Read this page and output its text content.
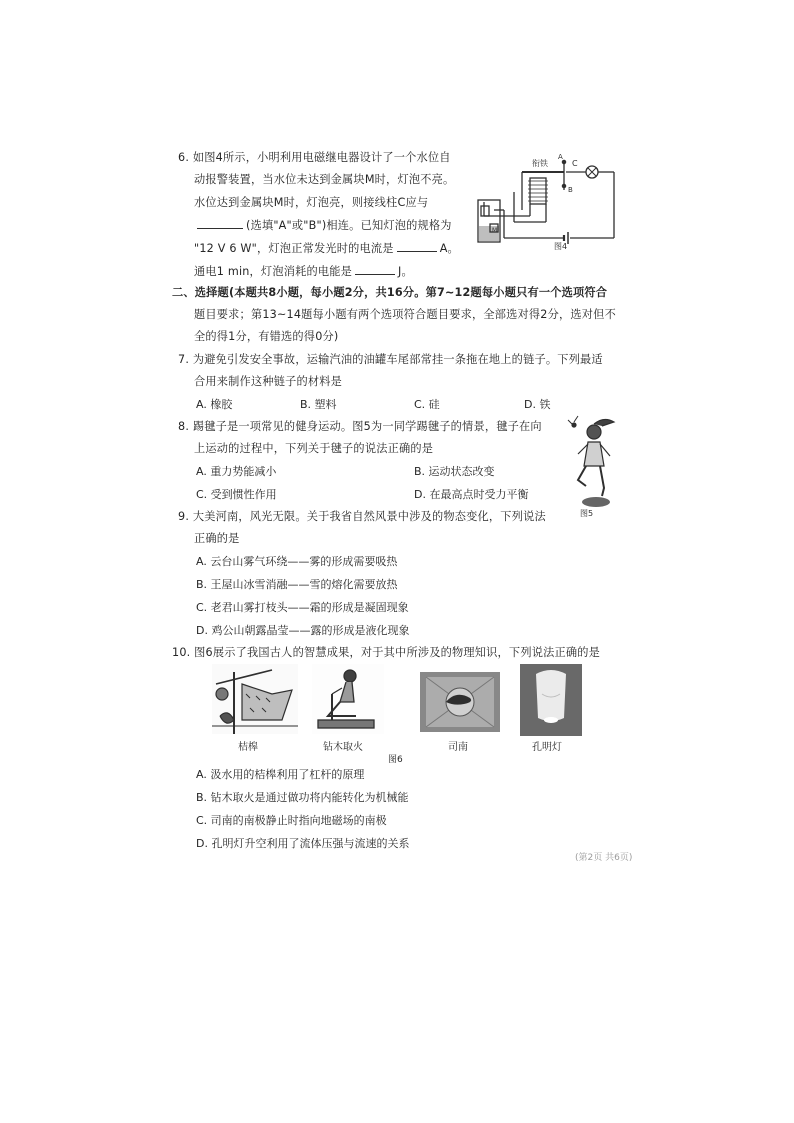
6. 如图4所示，小明利用电磁继电器设计了一个水位自
动报警装置，当水位未达到金属块M时，灯泡不亮。
水位达到金属块M时，灯泡亮，则接线柱C应与
(选填"A"或"B")相连。已知灯泡的规格为
"12 V 6 W"，灯泡正常发光时的电流是	A。
通电1 min，灯泡消耗的电能是	J。
衔铁
A
B
C
M
图4
二、选择题(本题共8小题，每小题2分，共16分。第7~12题每小题只有一个选项符合
题目要求；第13~14题每小题有两个选项符合题目要求，全部选对得2分，选对但不
全的得1分，有错选的得0分)
7. 为避免引发安全事故，运输汽油的油罐车尾部常挂一条拖在地上的链子。下列最适
合用来制作这种链子的材料是
A. 橡胶	B. 塑料	C. 硅	D. 铁
8. 踢毽子是一项常见的健身运动。图5为一同学踢毽子的情景，毽子在向
上运动的过程中，下列关于毽子的说法正确的是
A. 重力势能减小	B. 运动状态改变
C. 受到惯性作用	D. 在最高点时受力平衡
图5
9. 大美河南，风光无限。关于我省自然风景中涉及的物态变化，下列说法
正确的是
A. 云台山雾气环绕——雾的形成需要吸热
B. 王屋山冰雪消融——雪的熔化需要放热
C. 老君山雾打枝头——霜的形成是凝固现象
D. 鸡公山朝露晶莹——露的形成是液化现象
10. 图6展示了我国古人的智慧成果，对于其中所涉及的物理知识，下列说法正确的是
桔槔	钻木取火	司南	孔明灯
图6
A. 汲水用的桔槔利用了杠杆的原理
B. 钻木取火是通过做功将内能转化为机械能
C. 司南的南极静止时指向地磁场的南极
D. 孔明灯升空利用了流体压强与流速的关系
(第2页 共6页)
